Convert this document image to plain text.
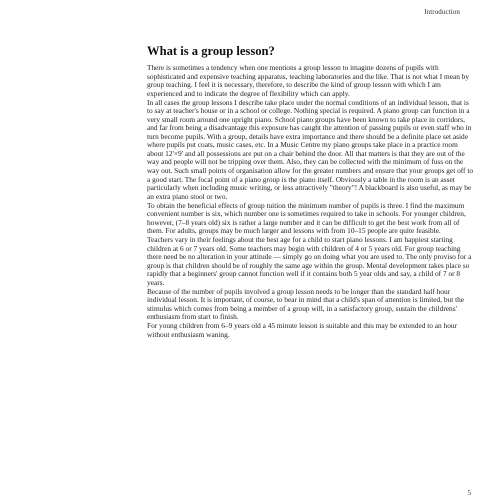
Introduction
What is a group lesson?

There is sometimes a tendency when one mentions a group lesson to imagine dozens of pupils with sophisticated and expensive teaching apparatus, teaching laboratories and the like. That is not what I mean by group teaching. I feel it is necessary, therefore, to describe the kind of group lesson with which I am experienced and to indicate the degree of flexibility which can apply.

In all cases the group lessons I describe take place under the normal conditions of an individual lesson, that is to say at teacher's house or in a school or college. Nothing special is required. A piano group can function in a very small room around one upright piano. School piano groups have been known to take place in corridors, and far from being a disadvantage this exposure has caught the attention of passing pupils or even staff who in turn become pupils. With a group, details have extra importance and there should be a definite place set aside where pupils put coats, music cases, etc. In a Music Centre my piano groups take place in a practice room about 12'×9' and all possessions are put on a chair behind the door. All that matters is that they are out of the way and people will not be tripping over them. Also, they can be collected with the minimum of fuss on the way out. Such small points of organisation allow for the greater numbers and ensure that your groups get off to a good start. The focal point of a piano group is the piano itself. Obviously a table in the room is an asset particularly when including music writing, or less attractively "theory"! A blackboard is also useful, as may be an extra piano stool or two.

To obtain the beneficial effects of group tuition the minimum number of pupils is three. I find the maximum convenient number is six, which number one is sometimes required to take in schools. For younger children, however, (7–8 years old) six is rather a large number and it can be difficult to get the best work from all of them. For adults, groups may be much larger and lessons with from 10–15 people are quite feasible.

Teachers vary in their feelings about the best age for a child to start piano lessons. I am happiest starting children at 6 or 7 years old. Some teachers may begin with children of 4 or 5 years old. For group teaching there need be no alteration in your attitude — simply go on doing what you are used to. The only proviso for a group is that children should be of roughly the same age within the group. Mental development takes place so rapidly that a beginners' group cannot function well if it contains both 5 year olds and say, a child of 7 or 8 years.

Because of the number of pupils involved a group lesson needs to be longer than the standard half hour individual lesson. It is important, of course, to bear in mind that a child's span of attention is limited, but the stimulus which comes from being a member of a group will, in a satisfactory group, sustain the childrens' enthusiasm from start to finish.

For young children from 6–9 years old a 45 minute lesson is suitable and this may be extended to an hour without enthusiasm waning.

5
